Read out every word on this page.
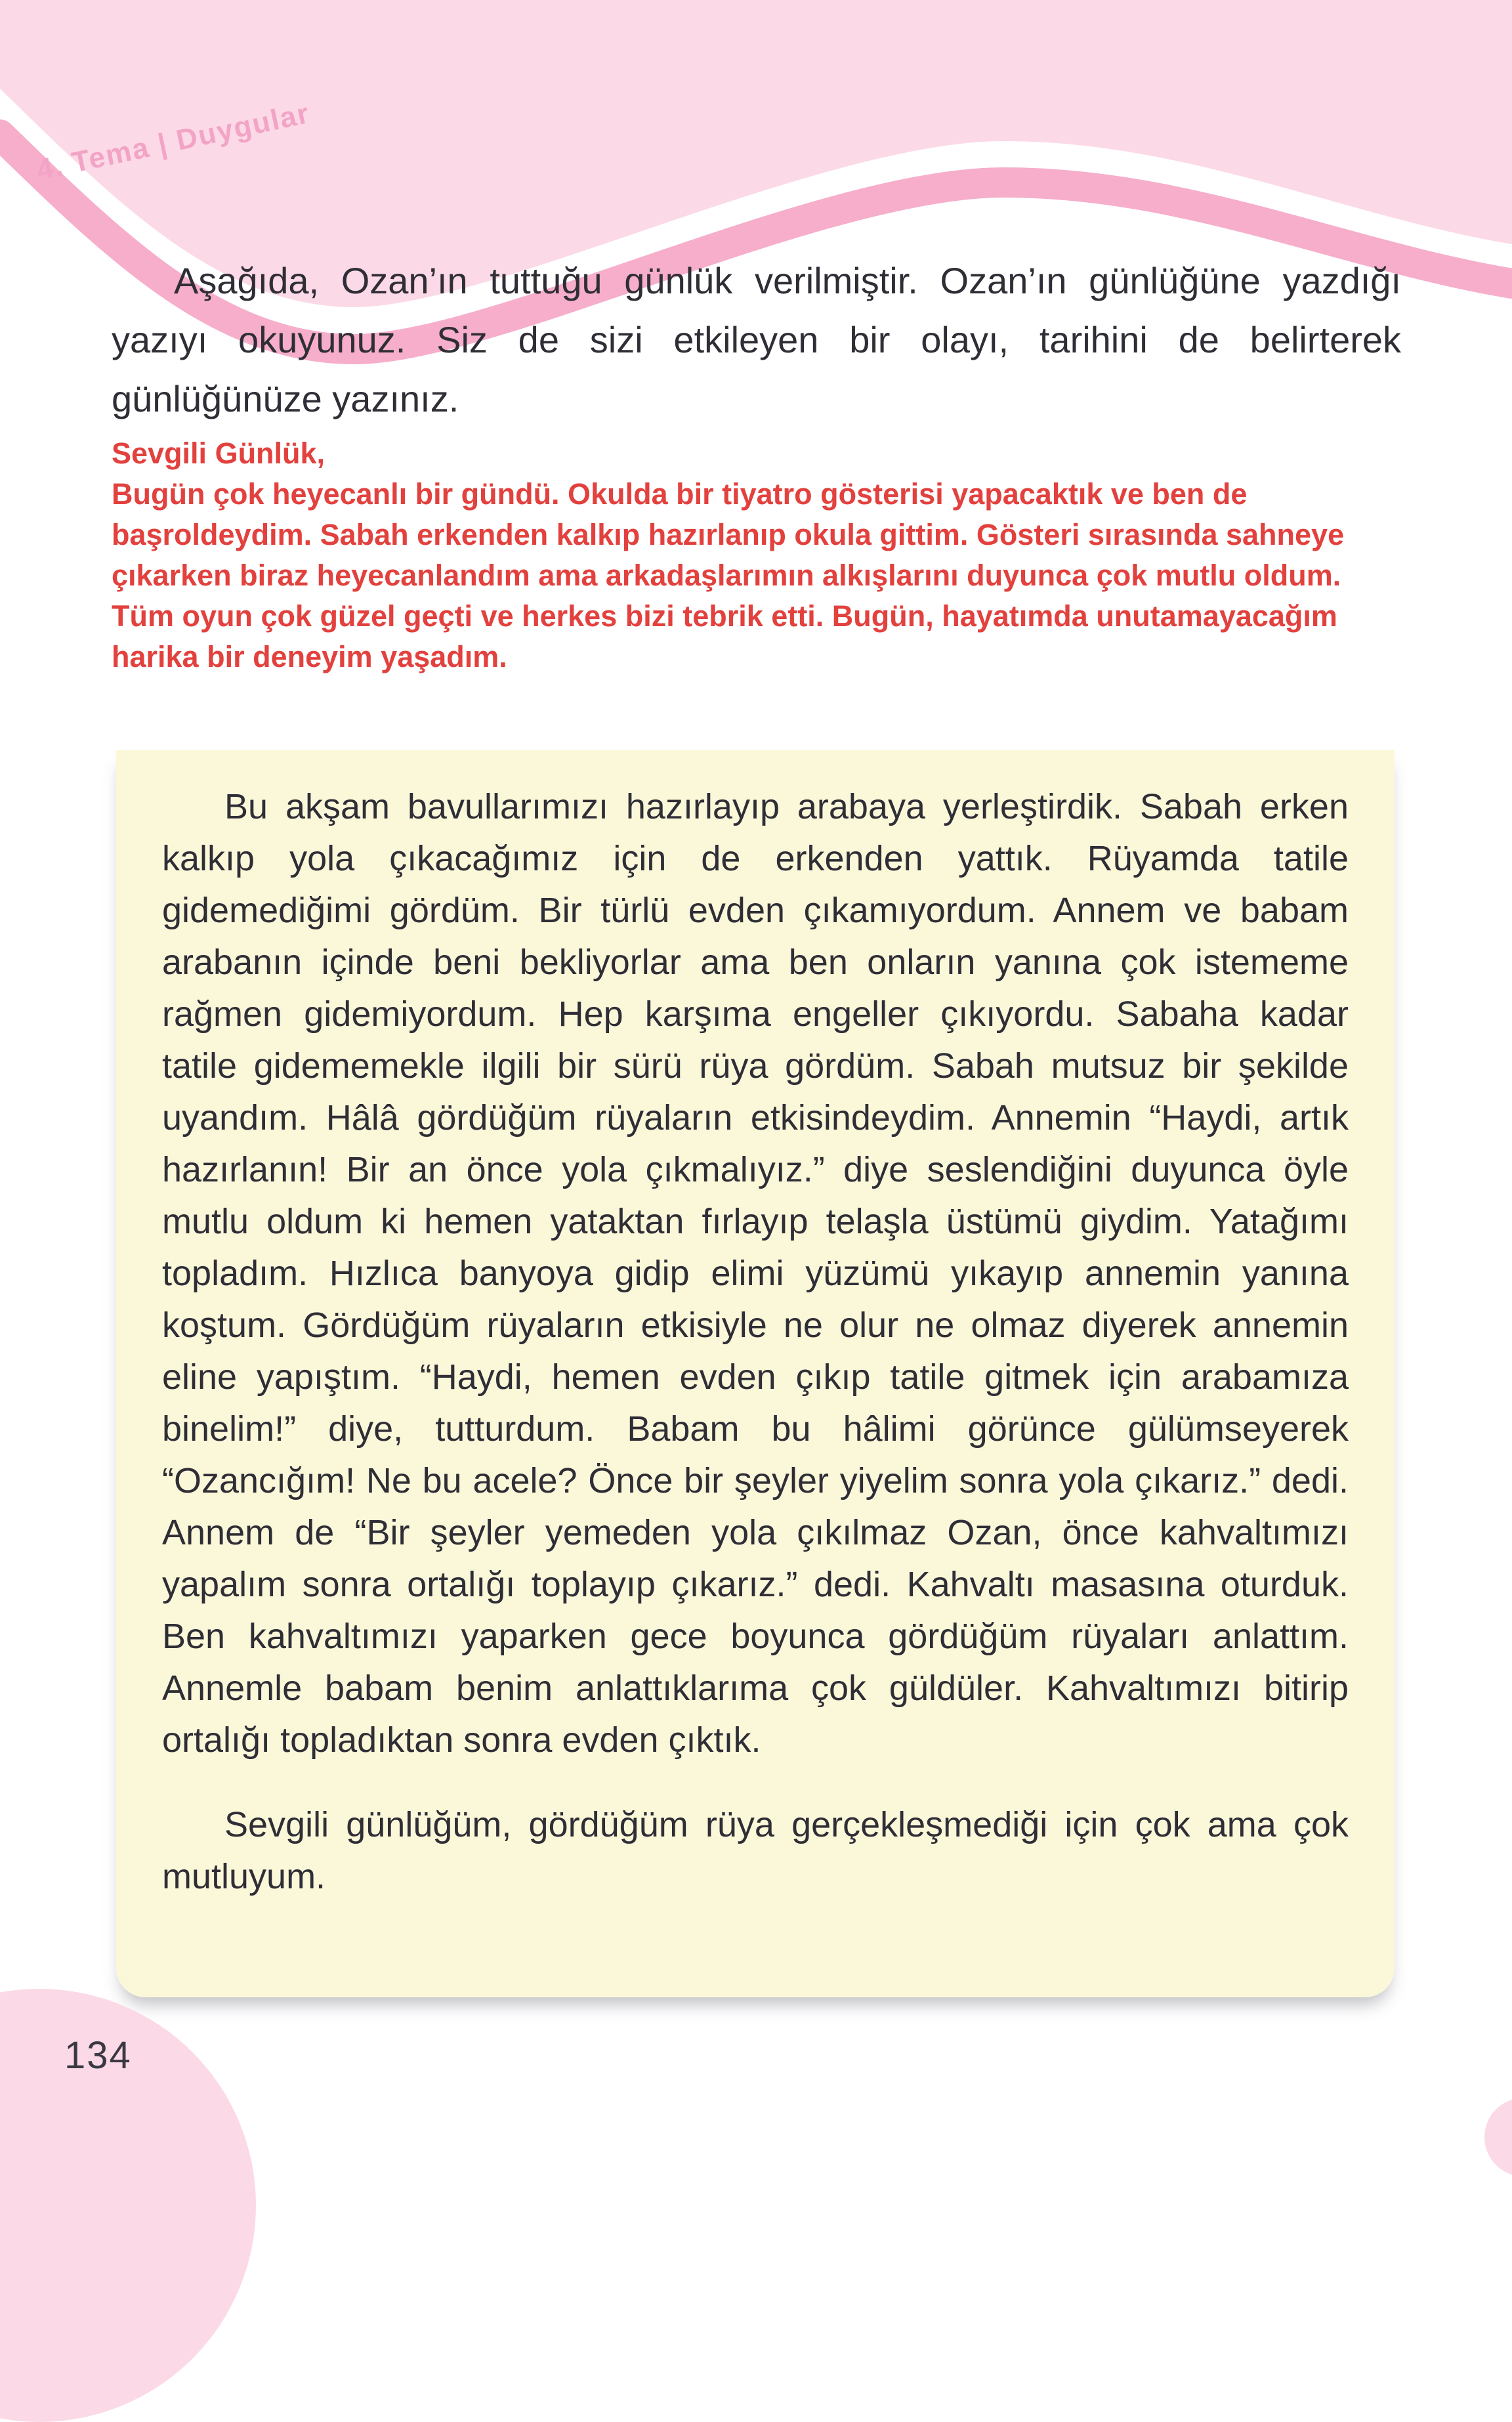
4. Tema | Duygular
Aşağıda, Ozan’ın tuttuğu günlük verilmiştir. Ozan’ın günlüğüne yazdığı yazıyı okuyunuz. Siz de sizi etkileyen bir olayı, tarihini de belirterek günlüğünüze yazınız.
Sevgili Günlük,
Bugün çok heyecanlı bir gündü. Okulda bir tiyatro gösterisi yapacaktık ve ben de başroldeydim. Sabah erkenden kalkıp hazırlanıp okula gittim. Gösteri sırasında sahneye çıkarken biraz heyecanlandım ama arkadaşlarımın alkışlarını duyunca çok mutlu oldum. Tüm oyun çok güzel geçti ve herkes bizi tebrik etti. Bugün, hayatımda unutamayacağım harika bir deneyim yaşadım.

Bu akşam bavullarımızı hazırlayıp arabaya yerleştirdik. Sabah erken kalkıp yola çıkacağımız için de erkenden yattık. Rüyamda tatile gidemediğimi gördüm. Bir türlü evden çıkamıyordum. Annem ve babam arabanın içinde beni bekliyorlar ama ben onların yanına çok istememe rağmen gidemiyordum. Hep karşıma engeller çıkıyordu. Sabaha kadar tatile gidememekle ilgili bir sürü rüya gördüm. Sabah mutsuz bir şekilde uyandım. Hâlâ gördüğüm rüyaların etkisindeydim. Annemin “Haydi, artık hazırlanın! Bir an önce yola çıkmalıyız.” diye seslendiğini duyunca öyle mutlu oldum ki hemen yataktan fırlayıp telaşla üstümü giydim. Yatağımı topladım. Hızlıca banyoya gidip elimi yüzümü yıkayıp annemin yanına koştum. Gördüğüm rüyaların etkisiyle ne olur ne olmaz diyerek annemin eline yapıştım. “Haydi, hemen evden çıkıp tatile gitmek için arabamıza binelim!” diye, tutturdum. Babam bu hâlimi görünce gülümseyerek “Ozancığım! Ne bu acele? Önce bir şeyler yiyelim sonra yola çıkarız.” dedi. Annem de “Bir şeyler yemeden yola çıkılmaz Ozan, önce kahvaltımızı yapalım sonra ortalığı toplayıp çıkarız.” dedi. Kahvaltı masasına oturduk. Ben kahvaltımızı yaparken gece boyunca gördüğüm rüyaları anlattım. Annemle babam benim anlattıklarıma çok güldüler. Kahvaltımızı bitirip ortalığı topladıktan sonra evden çıktık.

Sevgili günlüğüm, gördüğüm rüya gerçekleşmediği için çok ama çok mutluyum.

134
